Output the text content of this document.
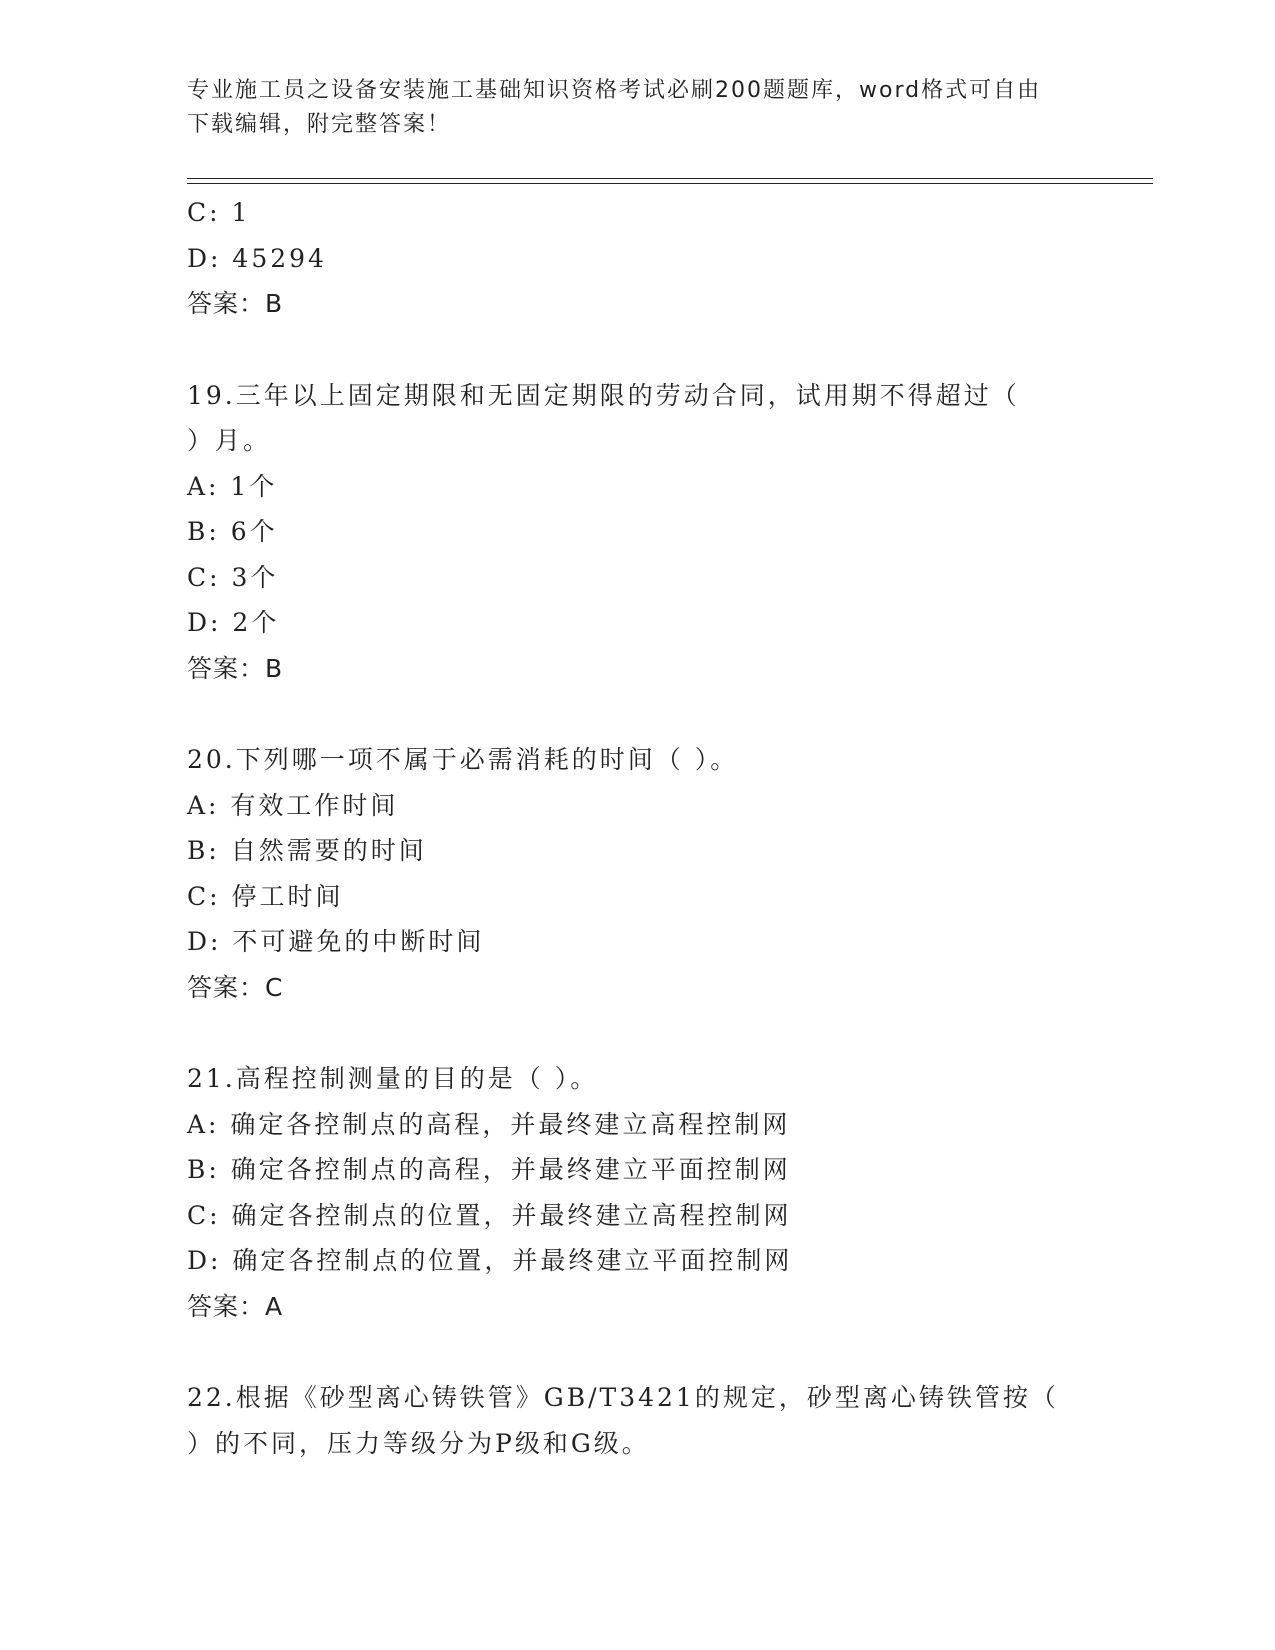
专业施工员之设备安装施工基础知识资格考试必刷200题题库，word格式可自由
下载编辑，附完整答案！
C: 1
D: 45294
答案：B
19.三年以上固定期限和无固定期限的劳动合同，试用期不得超过（
）月。
A: 1个
B: 6个
C: 3个
D: 2个
答案：B
20.下列哪一项不属于必需消耗的时间（ ）。
A: 有效工作时间
B: 自然需要的时间
C: 停工时间
D: 不可避免的中断时间
答案：C
21.高程控制测量的目的是（ ）。
A: 确定各控制点的高程，并最终建立高程控制网
B: 确定各控制点的高程，并最终建立平面控制网
C: 确定各控制点的位置，并最终建立高程控制网
D: 确定各控制点的位置，并最终建立平面控制网
答案：A
22.根据《砂型离心铸铁管》GB/T3421的规定，砂型离心铸铁管按（
）的不同，压力等级分为P级和G级。
